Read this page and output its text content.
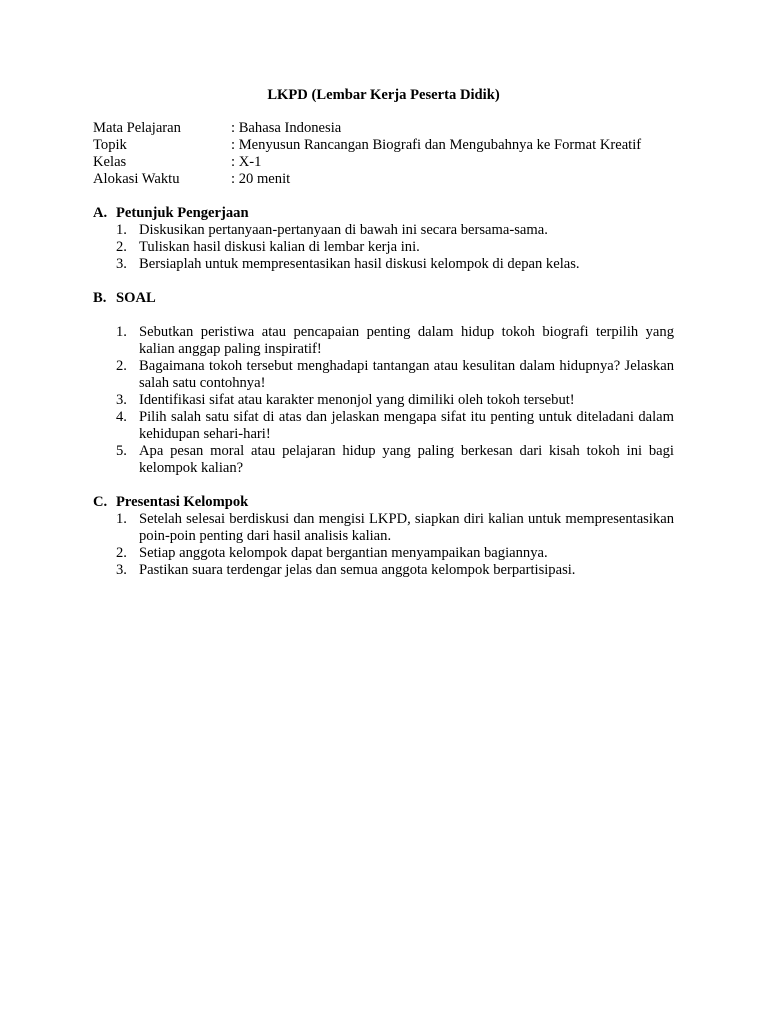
LKPD (Lembar Kerja Peserta Didik)
Mata Pelajaran	: Bahasa Indonesia
Topik	: Menyusun Rancangan Biografi dan Mengubahnya ke Format Kreatif
Kelas	: X-1
Alokasi Waktu	: 20 menit
A. Petunjuk Pengerjaan
1. Diskusikan pertanyaan-pertanyaan di bawah ini secara bersama-sama.
2. Tuliskan hasil diskusi kalian di lembar kerja ini.
3. Bersiaplah untuk mempresentasikan hasil diskusi kelompok di depan kelas.
B. SOAL
1. Sebutkan peristiwa atau pencapaian penting dalam hidup tokoh biografi terpilih yang kalian anggap paling inspiratif!
2. Bagaimana tokoh tersebut menghadapi tantangan atau kesulitan dalam hidupnya? Jelaskan salah satu contohnya!
3. Identifikasi sifat atau karakter menonjol yang dimiliki oleh tokoh tersebut!
4. Pilih salah satu sifat di atas dan jelaskan mengapa sifat itu penting untuk diteladani dalam kehidupan sehari-hari!
5. Apa pesan moral atau pelajaran hidup yang paling berkesan dari kisah tokoh ini bagi kelompok kalian?
C. Presentasi Kelompok
1. Setelah selesai berdiskusi dan mengisi LKPD, siapkan diri kalian untuk mempresentasikan poin-poin penting dari hasil analisis kalian.
2. Setiap anggota kelompok dapat bergantian menyampaikan bagiannya.
3. Pastikan suara terdengar jelas dan semua anggota kelompok berpartisipasi.
